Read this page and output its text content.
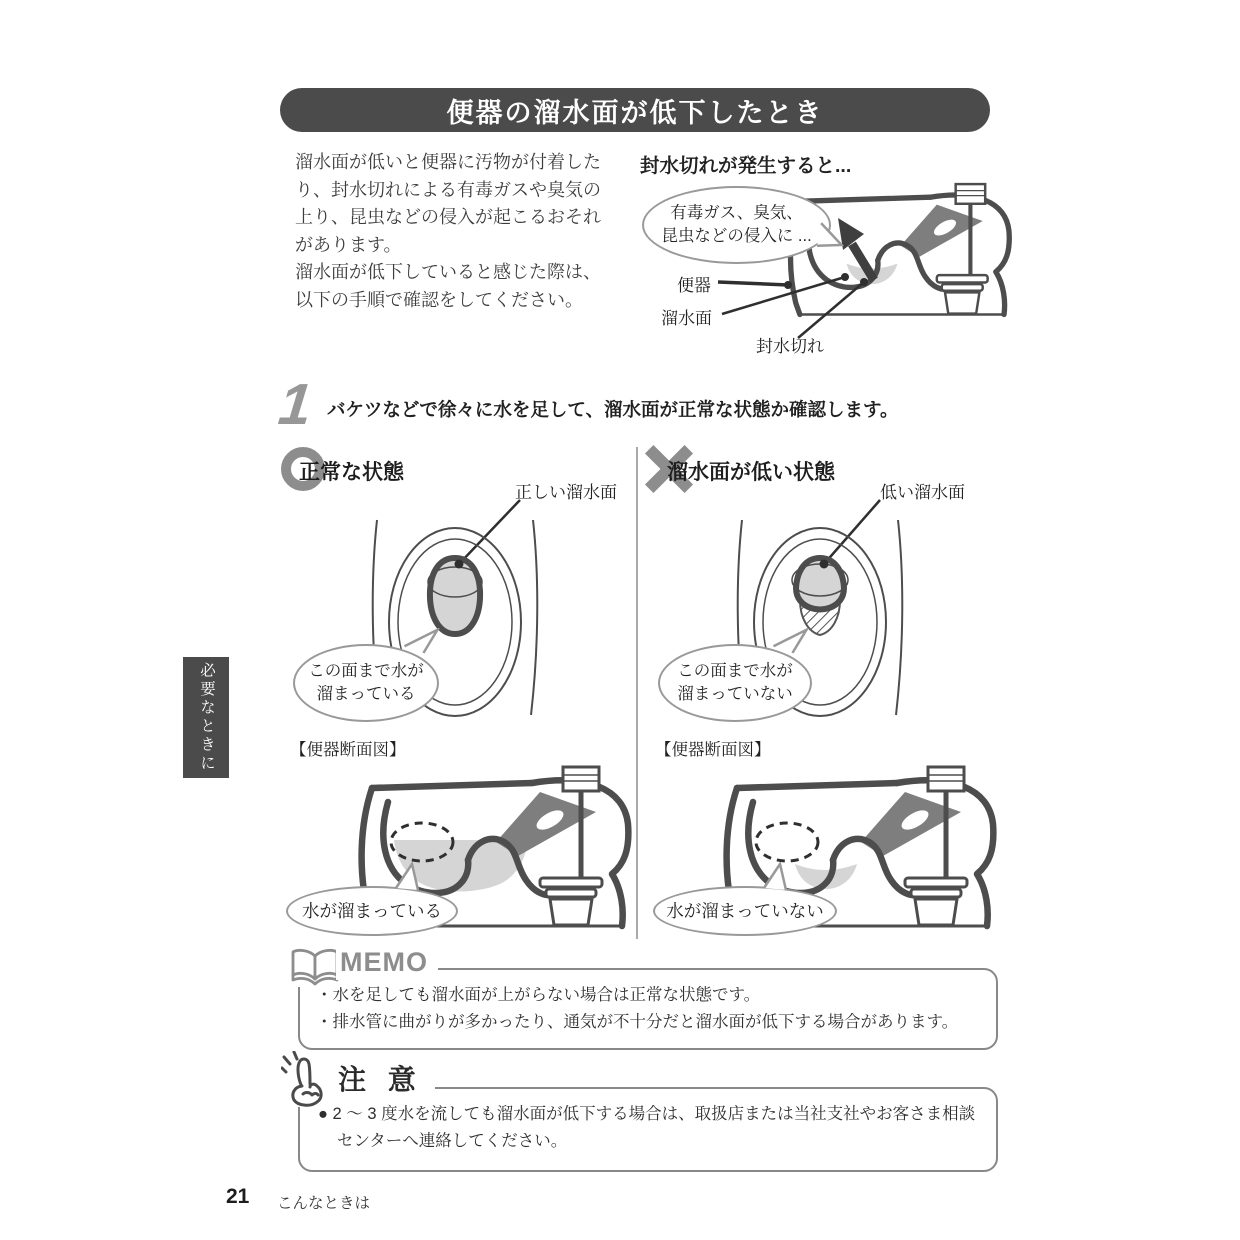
便器の溜水面が低下したとき
溜水面が低いと便器に汚物が付着した
り、封水切れによる有毒ガスや臭気の
上り、昆虫などの侵入が起こるおそれ
があります。
溜水面が低下していると感じた際は、
以下の手順で確認をしてください。
封水切れが発生すると...
有毒ガス、臭気、
昆虫などの侵入に ...
便器
溜水面
封水切れ
1 バケツなどで徐々に水を足して、溜水面が正常な状態か確認します。
正常な状態
正しい溜水面
この面まで水が
溜まっている
【便器断面図】
水が溜まっている
溜水面が低い状態
低い溜水面
この面まで水が
溜まっていない
【便器断面図】
水が溜まっていない
MEMO
・水を足しても溜水面が上がらない場合は正常な状態です。
・排水管に曲がりが多かったり、通気が不十分だと溜水面が低下する場合があります。
注 意
● 2 ～ 3 度水を流しても溜水面が低下する場合は、取扱店または当社支社やお客さま相談センターへ連絡してください。
必要なときに
21 こんなときは
